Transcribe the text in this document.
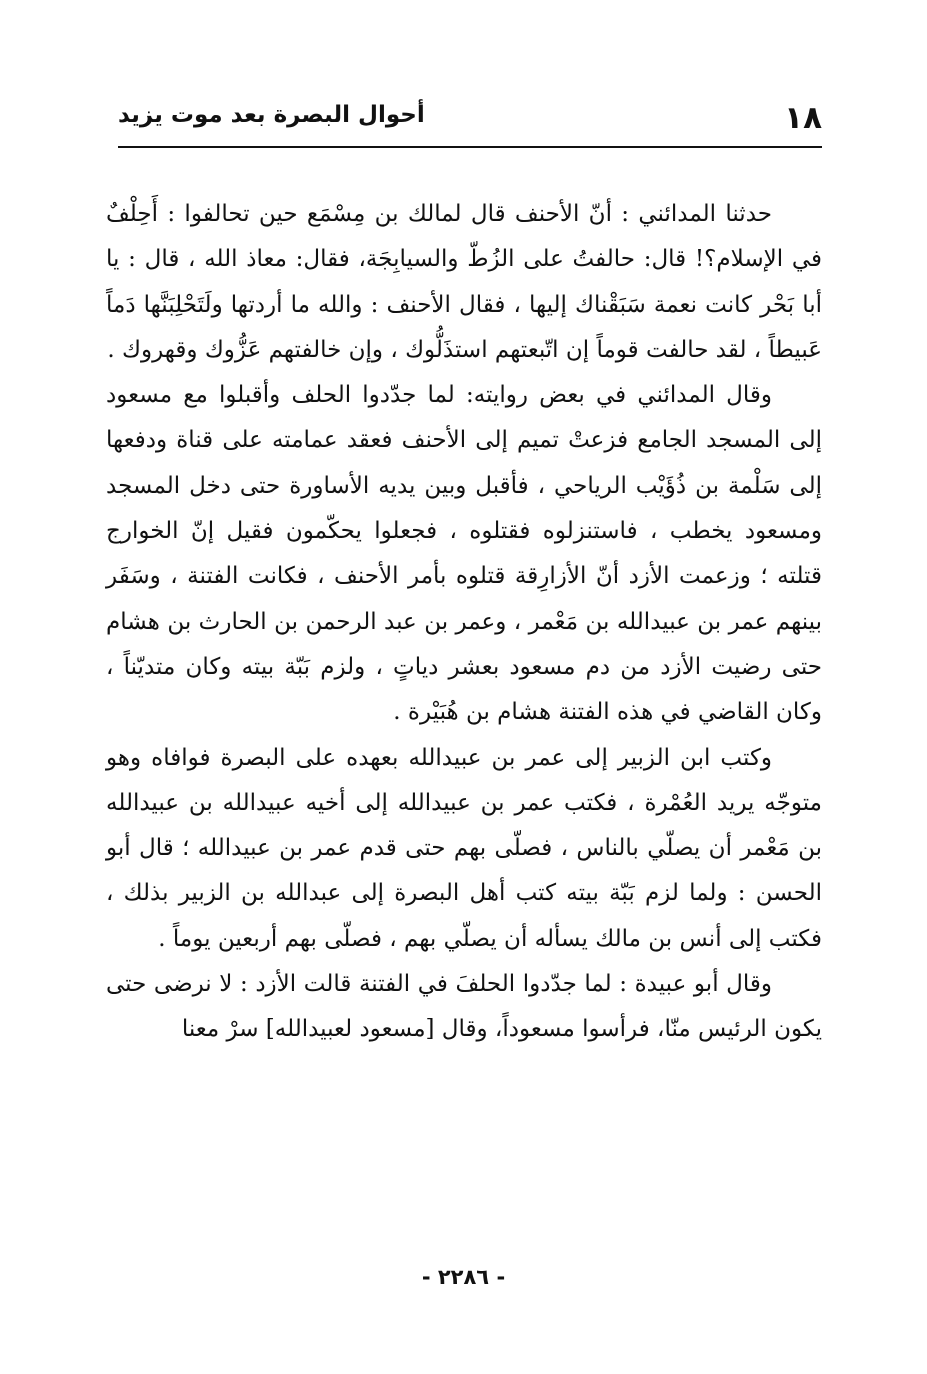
١٨
أحوال البصرة بعد موت يزيد

حدثنا المدائني : أنّ الأحنف قال لمالك بن مِسْمَع حين تحالفوا : أَحِلْفٌ في الإسلام؟! قال: حالفتُ على الزُطّ والسيابِجَة، فقال: معاذ الله ، قال : يا أبا بَحْر كانت نعمة سَبَقْناك إليها ، فقال الأحنف : والله ما أردتها ولَتَحْلِبَنَّها دَماً عَبيطاً ، لقد حالفت قوماً إن اتّبعتهم استذَلُّوك ، وإن خالفتهم عَزُّوك وقهروك .

وقال المدائني في بعض روايته: لما جدّدوا الحلف وأقبلوا مع مسعود إلى المسجد الجامع فزعتْ تميم إلى الأحنف فعقد عمامته على قناة ودفعها إلى سَلْمة بن ذُؤَيْب الرياحي ، فأقبل وبين يديه الأساورة حتى دخل المسجد ومسعود يخطب ، فاستنزلوه فقتلوه ، فجعلوا يحكّمون فقيل إنّ الخوارج قتلته ؛ وزعمت الأزد أنّ الأزارِقة قتلوه بأمر الأحنف ، فكانت الفتنة ، وسَفَر بينهم عمر بن عبيدالله بن مَعْمر ، وعمر بن عبد الرحمن بن الحارث بن هشام حتى رضيت الأزد من دم مسعود بعشر دياتٍ ، ولزم بَبّة بيته وكان متديّناً ، وكان القاضي في هذه الفتنة هشام بن هُبَيْرة .

وكتب ابن الزبير إلى عمر بن عبيدالله بعهده على البصرة فوافاه وهو متوجّه يريد العُمْرة ، فكتب عمر بن عبيدالله إلى أخيه عبيدالله بن عبيدالله بن مَعْمر أن يصلّي بالناس ، فصلّى بهم حتى قدم عمر بن عبيدالله ؛ قال أبو الحسن : ولما لزم بَبّة بيته كتب أهل البصرة إلى عبدالله بن الزبير بذلك ، فكتب إلى أنس بن مالك يسأله أن يصلّي بهم ، فصلّى بهم أربعين يوماً .

وقال أبو عبيدة : لما جدّدوا الحلفَ في الفتنة قالت الأزد : لا نرضى حتى يكون الرئيس منّا، فرأسوا مسعوداً، وقال [مسعود لعبيدالله] سرْ معنا

- ٢٢٨٦ -
